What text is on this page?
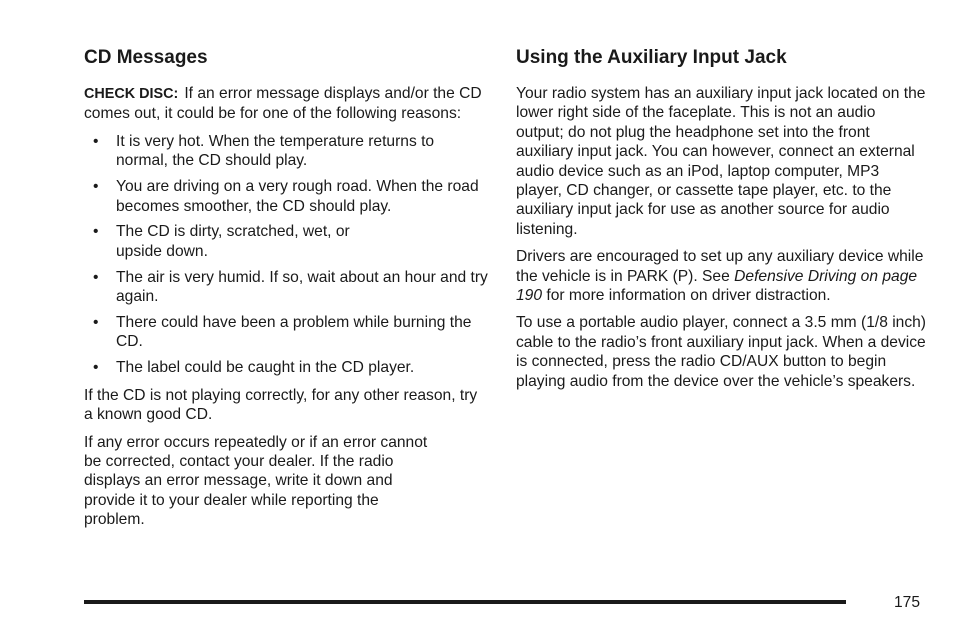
CD Messages

CHECK DISC: If an error message displays and/or the CD comes out, it could be for one of the following reasons:

• It is very hot. When the temperature returns to normal, the CD should play.
• You are driving on a very rough road. When the road becomes smoother, the CD should play.
• The CD is dirty, scratched, wet, or upside down.
• The air is very humid. If so, wait about an hour and try again.
• There could have been a problem while burning the CD.
• The label could be caught in the CD player.

If the CD is not playing correctly, for any other reason, try a known good CD.

If any error occurs repeatedly or if an error cannot be corrected, contact your dealer. If the radio displays an error message, write it down and provide it to your dealer while reporting the problem.

Using the Auxiliary Input Jack

Your radio system has an auxiliary input jack located on the lower right side of the faceplate. This is not an audio output; do not plug the headphone set into the front auxiliary input jack. You can however, connect an external audio device such as an iPod, laptop computer, MP3 player, CD changer, or cassette tape player, etc. to the auxiliary input jack for use as another source for audio listening.

Drivers are encouraged to set up any auxiliary device while the vehicle is in PARK (P). See Defensive Driving on page 190 for more information on driver distraction.

To use a portable audio player, connect a 3.5 mm (1/8 inch) cable to the radio’s front auxiliary input jack. When a device is connected, press the radio CD/AUX button to begin playing audio from the device over the vehicle’s speakers.

175
